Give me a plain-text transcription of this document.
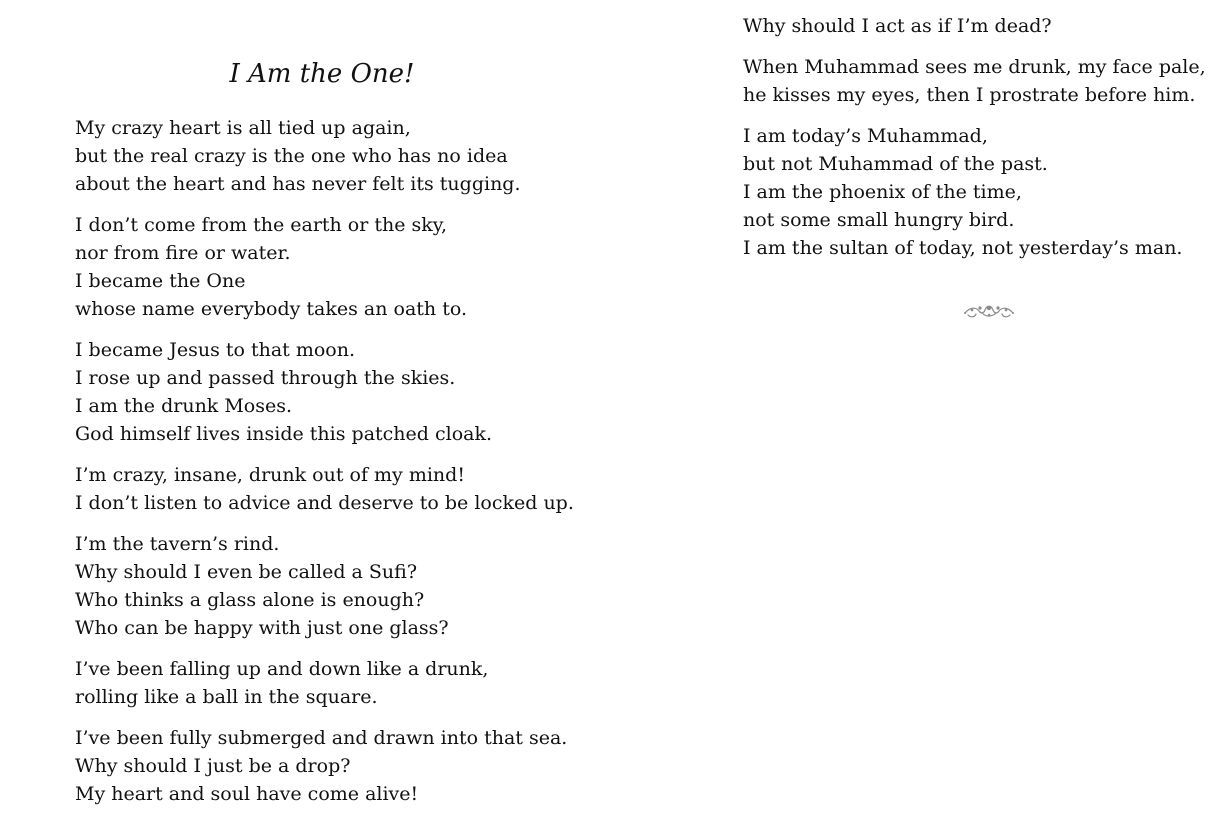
I Am the One!

My crazy heart is all tied up again,
but the real crazy is the one who has no idea
about the heart and has never felt its tugging.

I don’t come from the earth or the sky,
nor from fire or water.
I became the One
whose name everybody takes an oath to.

I became Jesus to that moon.
I rose up and passed through the skies.
I am the drunk Moses.
God himself lives inside this patched cloak.

I’m crazy, insane, drunk out of my mind!
I don’t listen to advice and deserve to be locked up.

I’m the tavern’s rind.
Why should I even be called a Sufi?
Who thinks a glass alone is enough?
Who can be happy with just one glass?

I’ve been falling up and down like a drunk,
rolling like a ball in the square.

I’ve been fully submerged and drawn into that sea.
Why should I just be a drop?
My heart and soul have come alive!

Why should I act as if I’m dead?

When Muhammad sees me drunk, my face pale,
he kisses my eyes, then I prostrate before him.

I am today’s Muhammad,
but not Muhammad of the past.
I am the phoenix of the time,
not some small hungry bird.
I am the sultan of today, not yesterday’s man.
